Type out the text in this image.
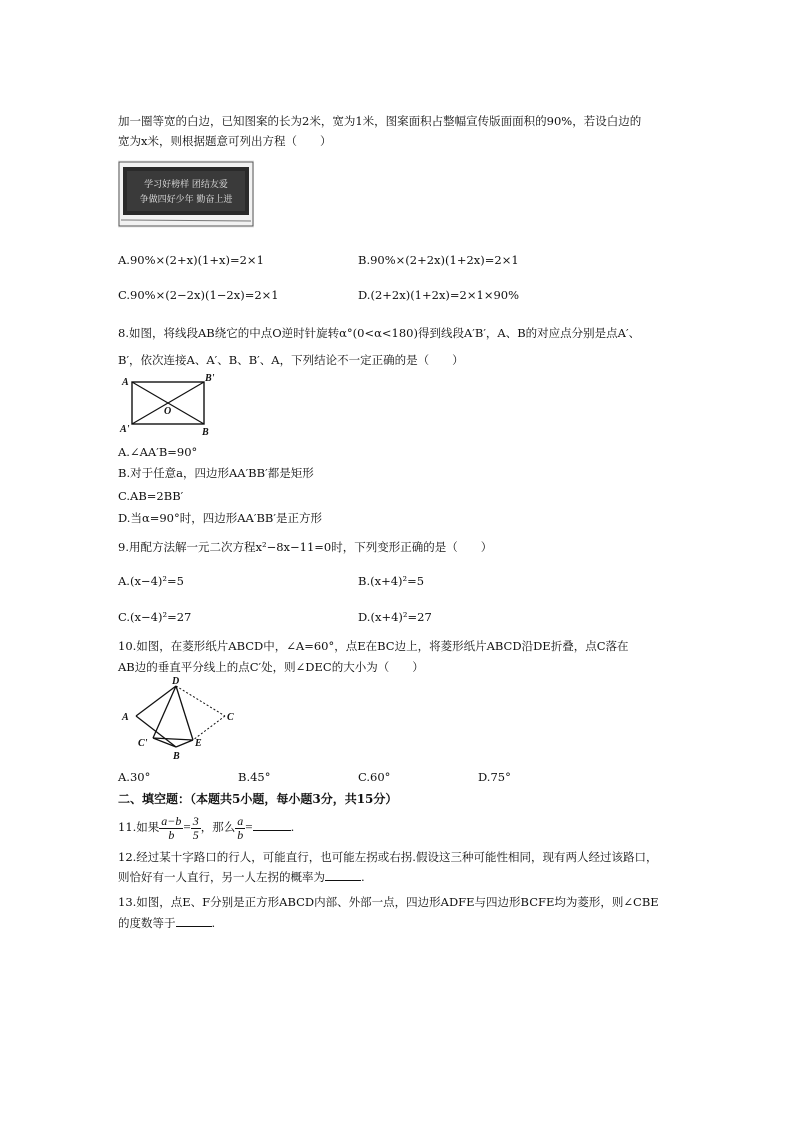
加一圈等宽的白边，已知图案的长为2米，宽为1米，图案面积占整幅宣传版面面积的90%，若设白边的
宽为x米，则根据题意可列出方程（　　）
学习好榜样 团结友爱
争做四好少年 勤奋上进
A.90%×(2+x)(1+x)=2×1	B.90%×(2+2x)(1+2x)=2×1
C.90%×(2−2x)(1−2x)=2×1	D.(2+2x)(1+2x)=2×1×90%
8.如图，将线段AB绕它的中点O逆时针旋转α°(0<α<180)得到线段A′B′，A、B的对应点分别是点A′、
B′，依次连接A、A′、B、B′、A，下列结论不一定正确的是（　　）
A	B'
O
A'	B
A.∠AA′B=90°
B.对于任意a，四边形AA′BB′都是矩形
C.AB=2BB′
D.当α=90°时，四边形AA′BB′是正方形
9.用配方法解一元二次方程x²−8x−11=0时，下列变形正确的是（　　）
A.(x−4)²=5	B.(x+4)²=5
C.(x−4)²=27	D.(x+4)²=27
10.如图，在菱形纸片ABCD中，∠A=60°，点E在BC边上，将菱形纸片ABCD沿DE折叠，点C落在
AB边的垂直平分线上的点C′处，则∠DEC的大小为（　　）
D
A	C
C'	E
B
A.30°	B.45°	C.60°	D.75°
二、填空题：（本题共5小题，每小题3分，共15分）
11.如果 $\frac{a-b}{b} = \frac{3}{5}$ ，那么 $\frac{a}{b}$ =	.
12.经过某十字路口的行人，可能直行，也可能左拐或右拐.假设这三种可能性相同，现有两人经过该路口，
则恰好有一人直行，另一人左拐的概率为	.
13.如图，点E、F分别是正方形ABCD内部、外部一点，四边形ADFE与四边形BCFE均为菱形，则∠CBE
的度数等于	.
